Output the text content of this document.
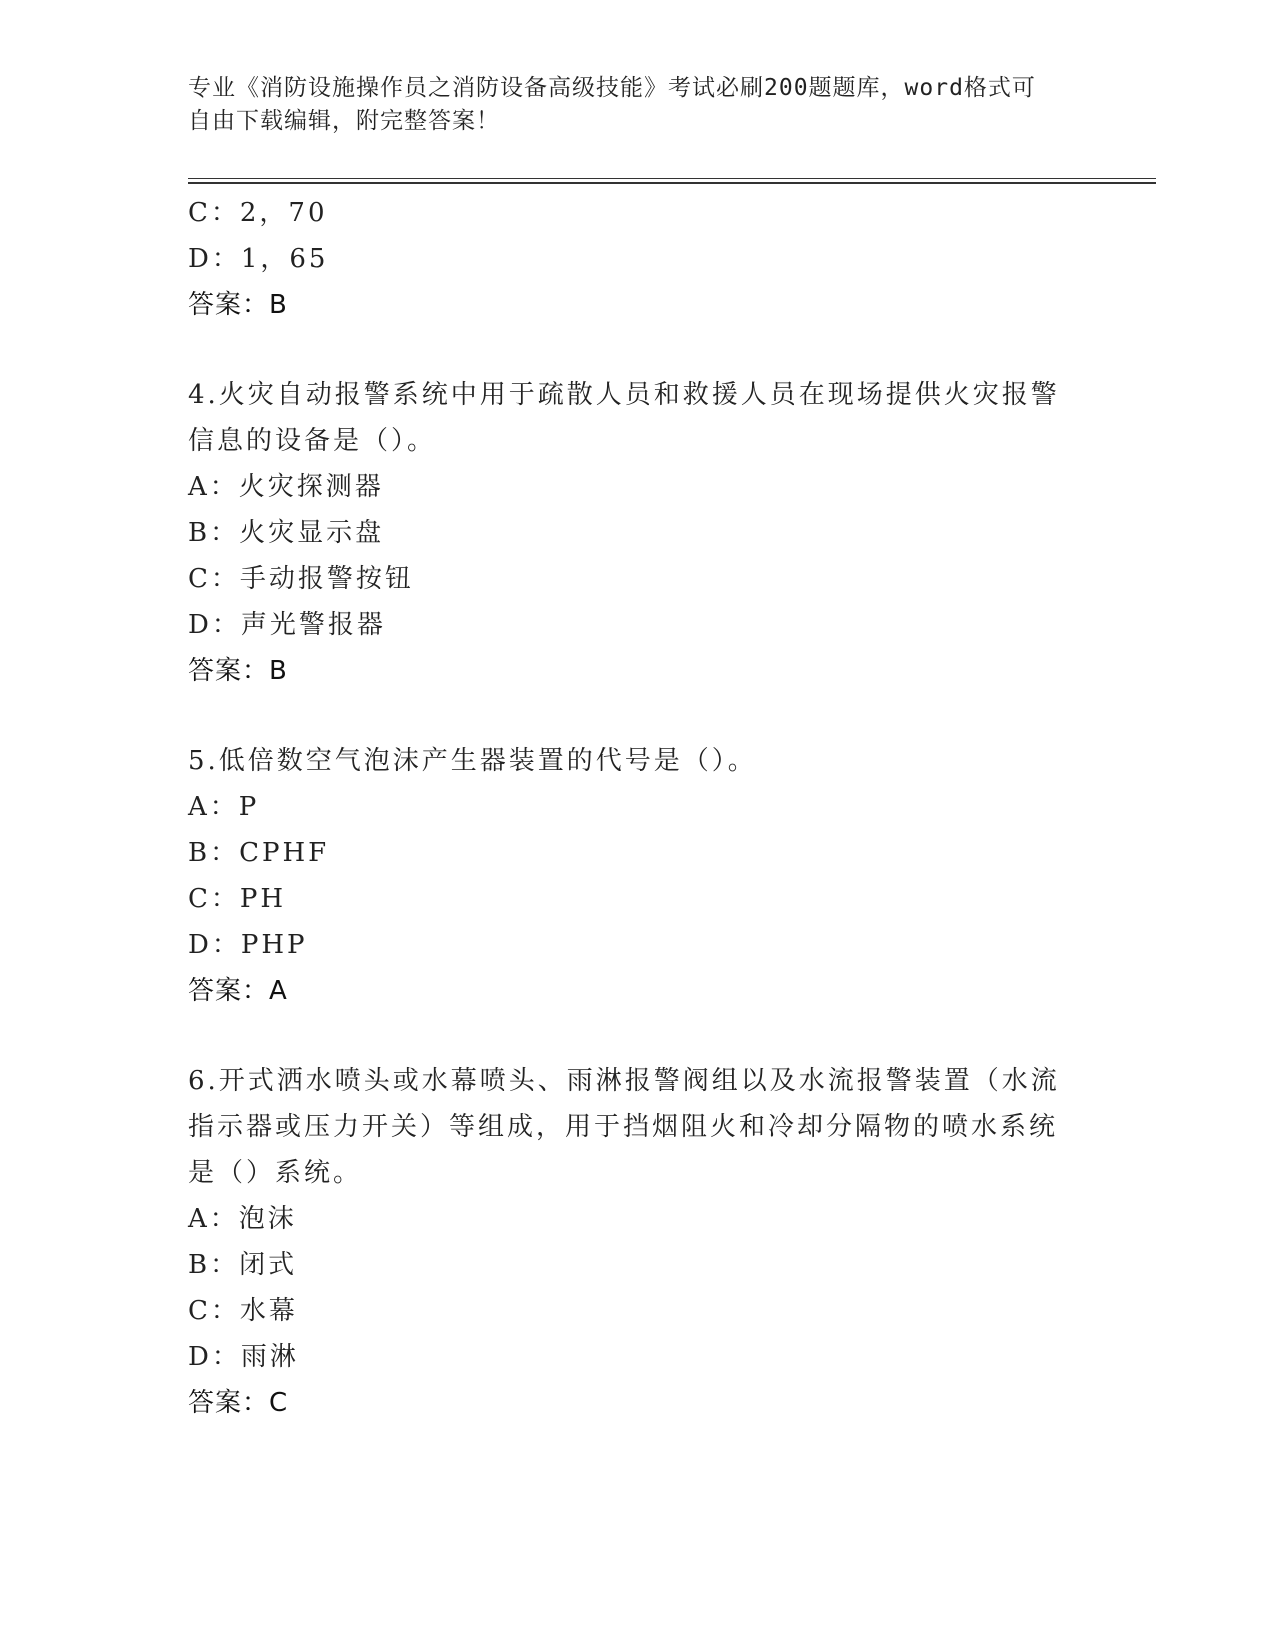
专业《消防设施操作员之消防设备高级技能》考试必刷200题题库，word格式可
自由下载编辑，附完整答案！
C：2，70
D：1，65
答案：B
4.火灾自动报警系统中用于疏散人员和救援人员在现场提供火灾报警
信息的设备是（）。
A：火灾探测器
B：火灾显示盘
C：手动报警按钮
D：声光警报器
答案：B
5.低倍数空气泡沫产生器装置的代号是（）。
A：P
B：CPHF
C：PH
D：PHP
答案：A
6.开式洒水喷头或水幕喷头、雨淋报警阀组以及水流报警装置（水流
指示器或压力开关）等组成，用于挡烟阻火和冷却分隔物的喷水系统
是（）系统。
A：泡沫
B：闭式
C：水幕
D：雨淋
答案：C
